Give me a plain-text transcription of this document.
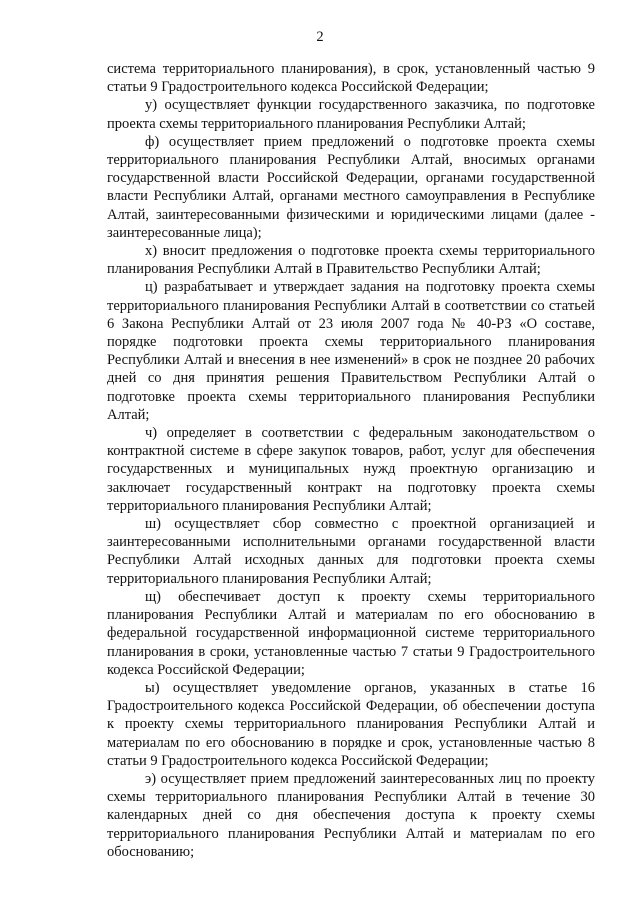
2

система территориального планирования), в срок, установленный частью 9 статьи 9 Градостроительного кодекса Российской Федерации;

у) осуществляет функции государственного заказчика, по подготовке проекта схемы территориального планирования Республики Алтай;

ф) осуществляет прием предложений о подготовке проекта схемы территориального планирования Республики Алтай, вносимых органами государственной власти Российской Федерации, органами государственной власти Республики Алтай, органами местного самоуправления в Республике Алтай, заинтересованными физическими и юридическими лицами (далее - заинтересованные лица);

х) вносит предложения о подготовке проекта схемы территориального планирования Республики Алтай в Правительство Республики Алтай;

ц) разрабатывает и утверждает задания на подготовку проекта схемы территориального планирования Республики Алтай в соответствии со статьей 6 Закона Республики Алтай от 23 июля 2007 года № 40-РЗ «О составе, порядке подготовки проекта схемы территориального планирования Республики Алтай и внесения в нее изменений» в срок не позднее 20 рабочих дней со дня принятия решения Правительством Республики Алтай о подготовке проекта схемы территориального планирования Республики Алтай;

ч) определяет в соответствии с федеральным законодательством о контрактной системе в сфере закупок товаров, работ, услуг для обеспечения государственных и муниципальных нужд проектную организацию и заключает государственный контракт на подготовку проекта схемы территориального планирования Республики Алтай;

ш) осуществляет сбор совместно с проектной организацией и заинтересованными исполнительными органами государственной власти Республики Алтай исходных данных для подготовки проекта схемы территориального планирования Республики Алтай;

щ) обеспечивает доступ к проекту схемы территориального планирования Республики Алтай и материалам по его обоснованию в федеральной государственной информационной системе территориального планирования в сроки, установленные частью 7 статьи 9 Градостроительного кодекса Российской Федерации;

ы) осуществляет уведомление органов, указанных в статье 16 Градостроительного кодекса Российской Федерации, об обеспечении доступа к проекту схемы территориального планирования Республики Алтай и материалам по его обоснованию в порядке и срок, установленные частью 8 статьи 9 Градостроительного кодекса Российской Федерации;

э) осуществляет прием предложений заинтересованных лиц по проекту схемы территориального планирования Республики Алтай в течение 30 календарных дней со дня обеспечения доступа к проекту схемы территориального планирования Республики Алтай и материалам по его обоснованию;
